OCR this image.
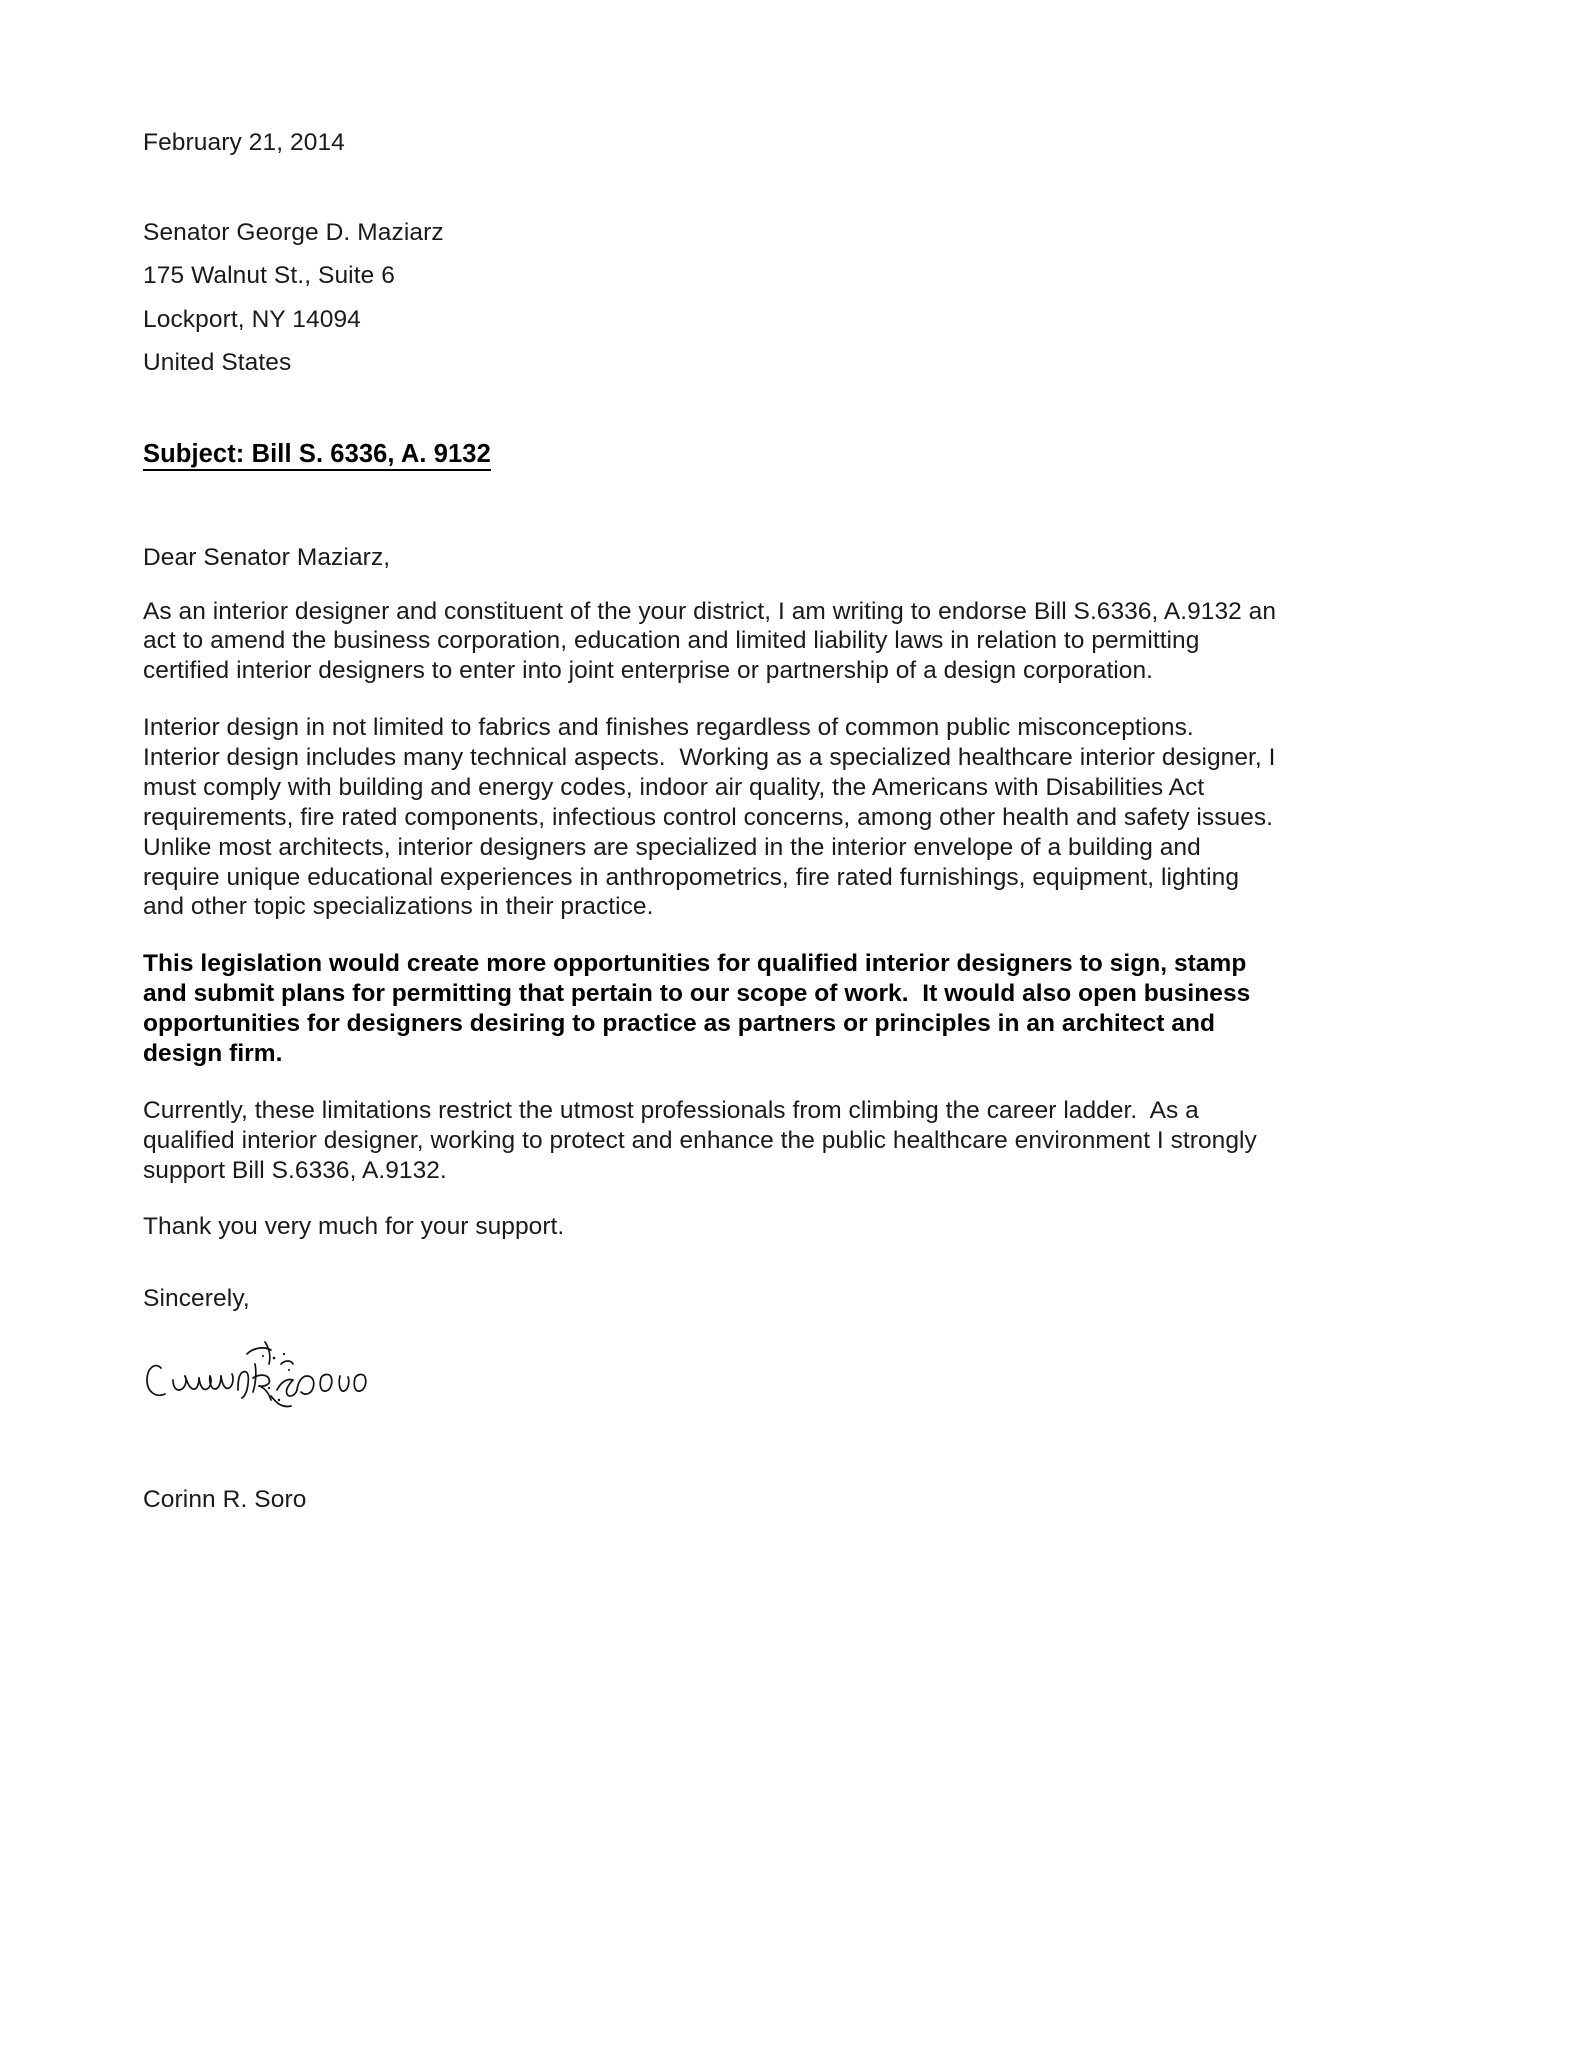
February 21, 2014
Senator George D. Maziarz
175 Walnut St., Suite 6
Lockport, NY 14094
United States
Subject: Bill S. 6336, A. 9132
Dear Senator Maziarz,

As an interior designer and constituent of the your district, I am writing to endorse Bill S.6336, A.9132 an act to amend the business corporation, education and limited liability laws in relation to permitting certified interior designers to enter into joint enterprise or partnership of a design corporation.

Interior design in not limited to fabrics and finishes regardless of common public misconceptions.  Interior design includes many technical aspects.  Working as a specialized healthcare interior designer, I must comply with building and energy codes, indoor air quality, the Americans with Disabilities Act requirements, fire rated components, infectious control concerns, among other health and safety issues.  Unlike most architects, interior designers are specialized in the interior envelope of a building and require unique educational experiences in anthropometrics, fire rated furnishings, equipment, lighting and other topic specializations in their practice.

This legislation would create more opportunities for qualified interior designers to sign, stamp and submit plans for permitting that pertain to our scope of work.  It would also open business opportunities for designers desiring to practice as partners or principles in an architect and design firm.

Currently, these limitations restrict the utmost professionals from climbing the career ladder.  As a qualified interior designer, working to protect and enhance the public healthcare environment I strongly support Bill S.6336, A.9132.

Thank you very much for your support.

Sincerely,
Corinn R. Soro
